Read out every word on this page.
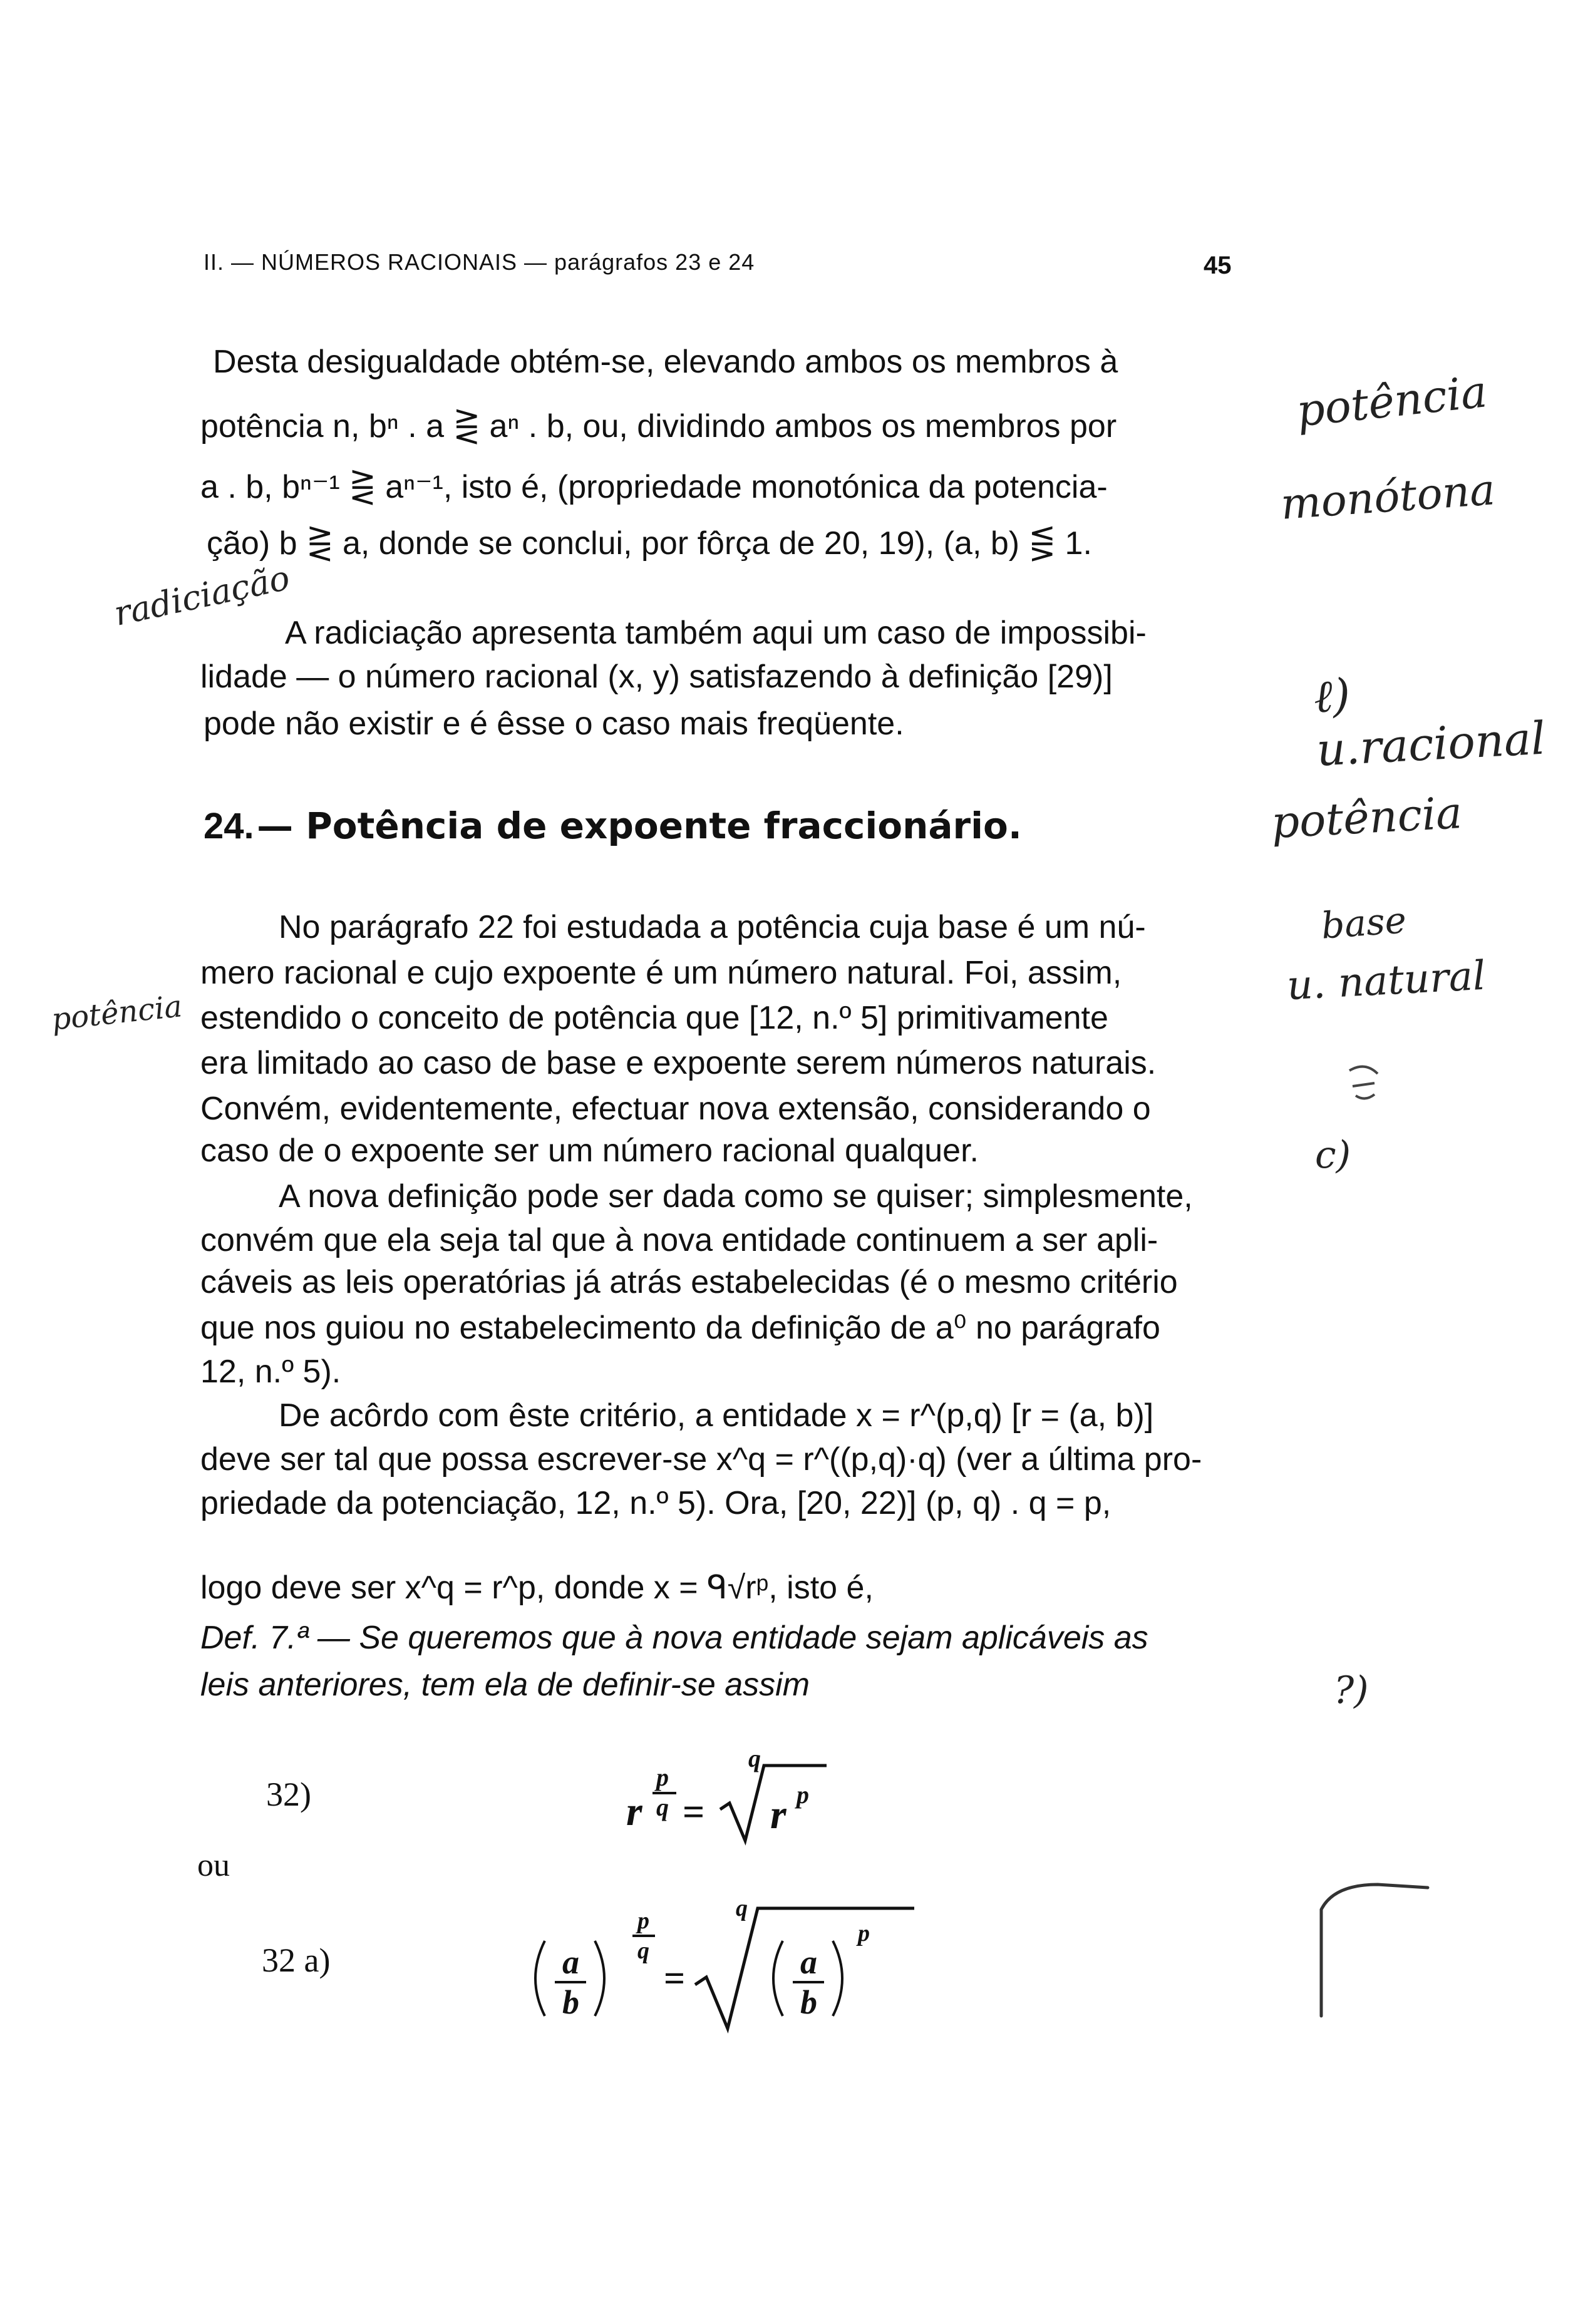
II. — NÚMEROS RACIONAIS — parágrafos 23 e 24	45
Desta desigualdade obtém-se, elevando ambos os membros à
potência n, bⁿ . a ⋛ aⁿ . b, ou, dividindo ambos os membros por
a . b, bⁿ⁻¹ ⋛ aⁿ⁻¹, isto é, (propriedade monotónica da potencia-
ção) b ⋛ a, donde se conclui, por fôrça de 20, 19), (a, b) ⋚ 1.
A radiciação apresenta também aqui um caso de impossibi-
lidade — o número racional (x, y) satisfazendo à definição [29)]
pode não existir e é êsse o caso mais freqüente.
24. — Potência de expoente fraccionário.
No parágrafo 22 foi estudada a potência cuja base é um nú-
mero racional e cujo expoente é um número natural. Foi, assim,
estendido o conceito de potência que [12, n.º 5] primitivamente
era limitado ao caso de base e expoente serem números naturais.
Convém, evidentemente, efectuar nova extensão, considerando o
caso de o expoente ser um número racional qualquer.
A nova definição pode ser dada como se quiser; simplesmente,
convém que ela seja tal que à nova entidade continuem a ser apli-
cáveis as leis operatórias já atrás estabelecidas (é o mesmo critério
que nos guiou no estabelecimento da definição de a⁰ no parágrafo
12, n.º 5).
De acôrdo com êste critério, a entidade x = r^(p,q) [r = (a, b)]
deve ser tal que possa escrever-se x^q = r^((p,q)·q) (ver a última pro-
priedade da potenciação, 12, n.º 5). Ora, [20, 22)] (p, q) . q = p,
logo deve ser x^q = r^p, donde x = ᑫ√rᵖ, isto é,
Def. 7.ª — Se queremos que à nova entidade sejam aplicáveis as
leis anteriores, tem ela de definir-se assim
32)	r
p
q =
q
r p
ou
32 a)	a
b
p
q
=
q
a
b
p
potência
monótona
radiciação
ℓ) u.racional
potência
base
u. natural
potência
c)
?)
